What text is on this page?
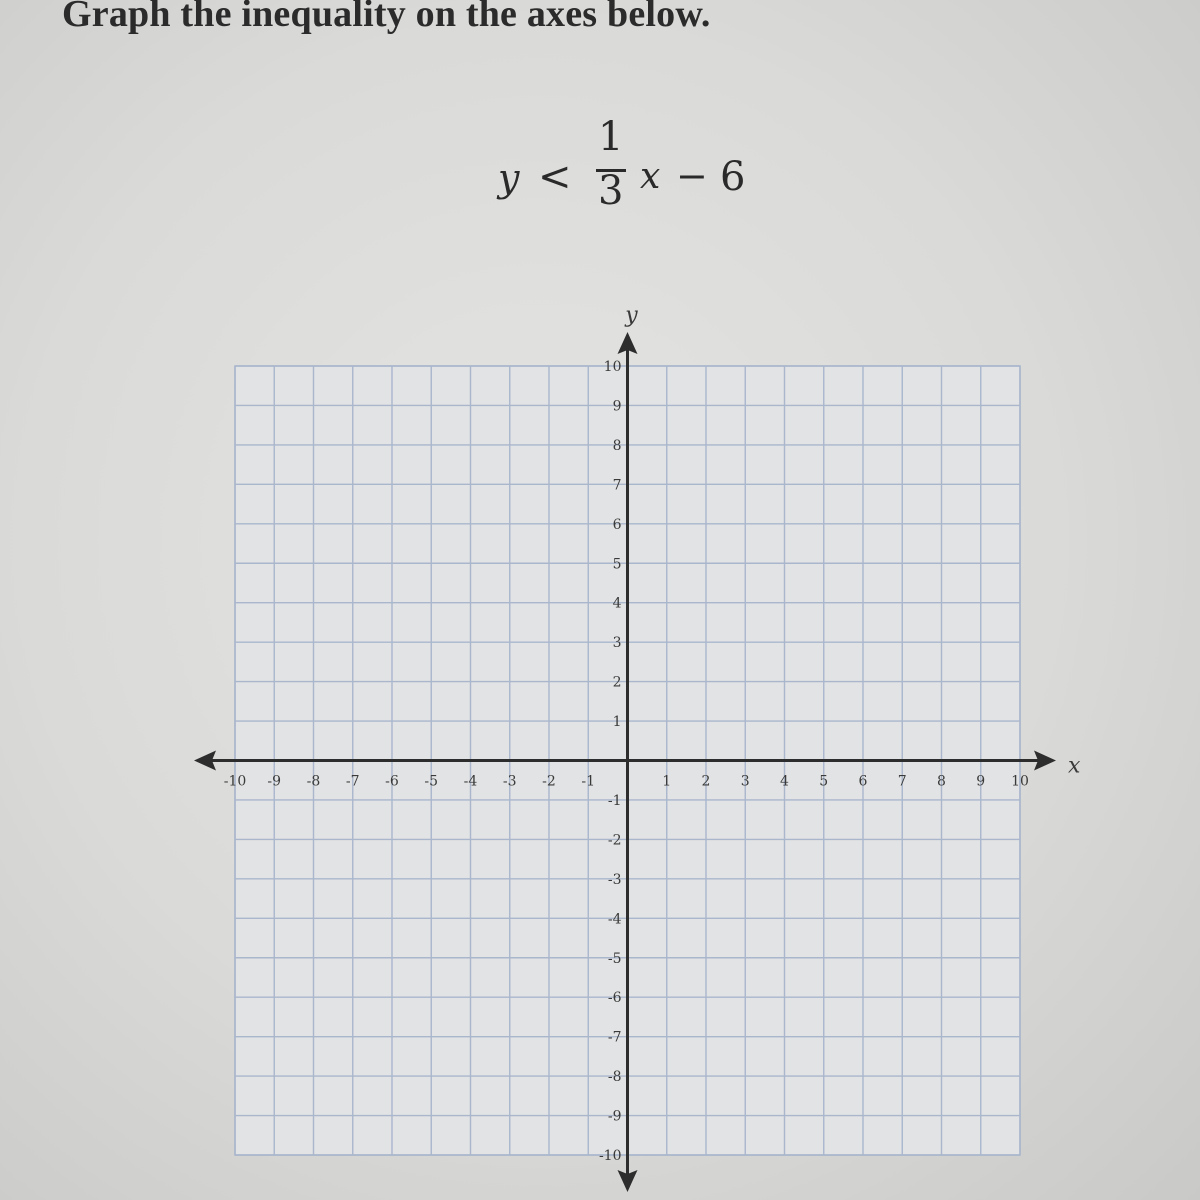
Graph the inequality on the axes below.
y <
1
3 x − 6
x
y
-10 -9 -8 -7 -6 -5 -4 -3 -2 -1	1 2 3 4 5 6 7 8 9 10
10
9
8
7
6
5
4
3
2
1
-1
-2
-3
-4
-5
-6
-7
-8
-9
-10
